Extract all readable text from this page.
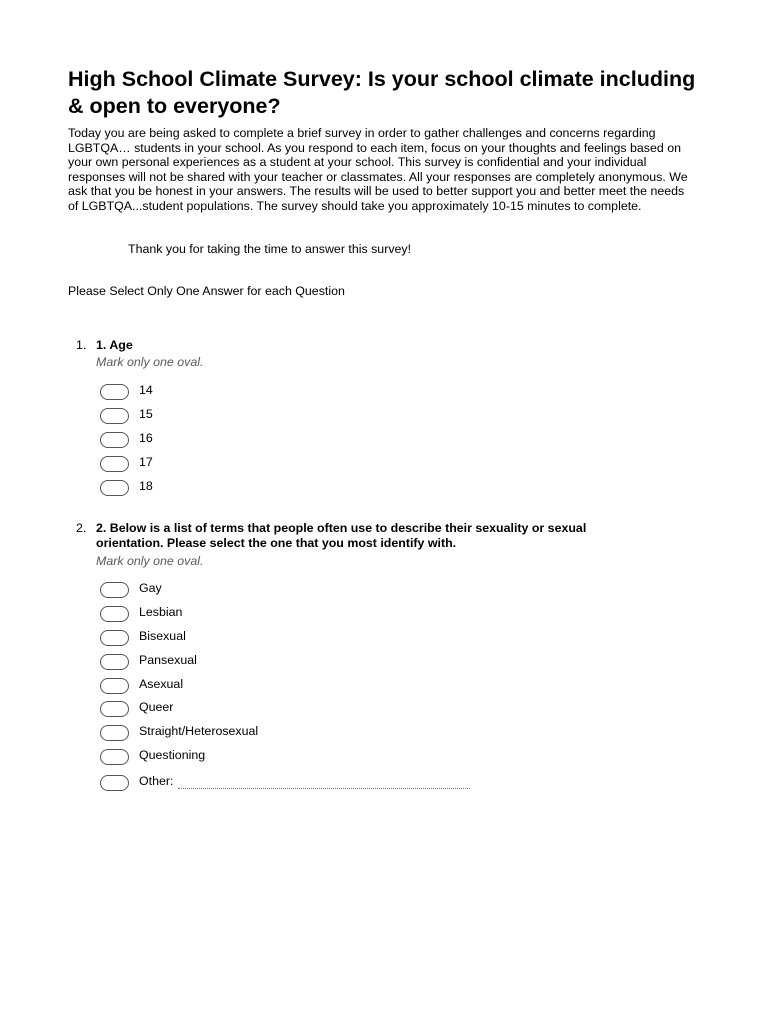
High School Climate Survey: Is your school climate including & open to everyone?

Today you are being asked to complete a brief survey in order to gather challenges and concerns regarding LGBTQA… students in your school. As you respond to each item, focus on your thoughts and feelings based on your own personal experiences as a student at your school. This survey is confidential and your individual responses will not be shared with your teacher or classmates. All your responses are completely anonymous. We ask that you be honest in your answers. The results will be used to better support you and better meet the needs of LGBTQA...student populations. The survey should take you approximately 10-15 minutes to complete.

Thank you for taking the time to answer this survey!

Please Select Only One Answer for each Question

1. 1. Age

Mark only one oval.
14
15
16
17
18
2. 2. Below is a list of terms that people often use to describe their sexuality or sexual orientation. Please select the one that you most identify with.

Mark only one oval.
Gay
Lesbian
Bisexual
Pansexual
Asexual
Queer
Straight/Heterosexual
Questioning
Other:
